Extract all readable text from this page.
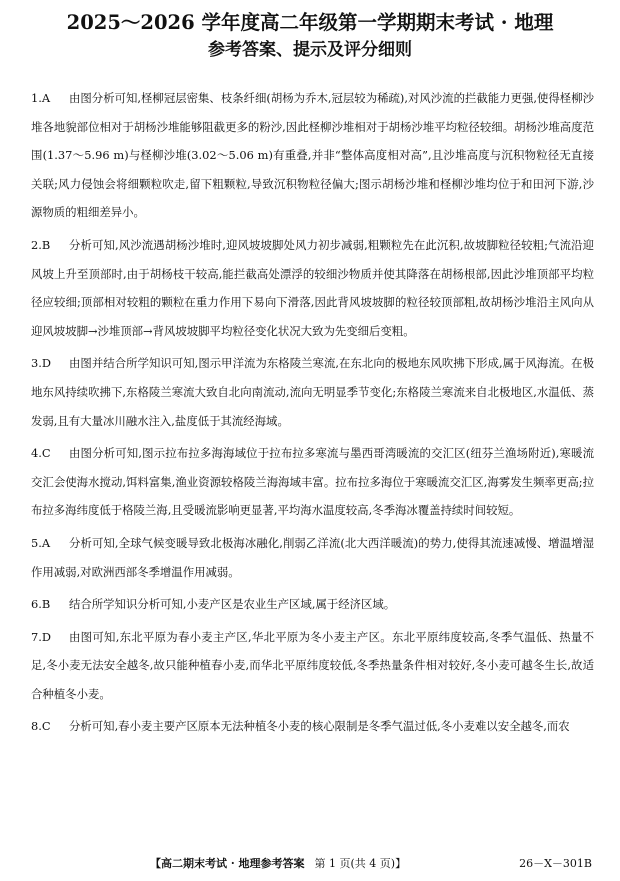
2025～2026 学年度高二年级第一学期期末考试 · 地理
参考答案、提示及评分细则
1.A	由图分析可知,柽柳冠层密集、枝条纤细(胡杨为乔木,冠层较为稀疏),对风沙流的拦截能力更强,使得柽柳沙堆各地貌部位相对于胡杨沙堆能够阻截更多的粉沙,因此柽柳沙堆相对于胡杨沙堆平均粒径较细。胡杨沙堆高度范围(1.37～5.96 m)与柽柳沙堆(3.02～5.06 m)有重叠,并非“整体高度相对高”,且沙堆高度与沉积物粒径无直接关联;风力侵蚀会将细颗粒吹走,留下粗颗粒,导致沉积物粒径偏大;图示胡杨沙堆和柽柳沙堆均位于和田河下游,沙源物质的粗细差异小。
2.B	分析可知,风沙流遇胡杨沙堆时,迎风坡坡脚处风力初步减弱,粗颗粒先在此沉积,故坡脚粒径较粗;气流沿迎风坡上升至顶部时,由于胡杨枝干较高,能拦截高处漂浮的较细沙物质并使其降落在胡杨根部,因此沙堆顶部平均粒径应较细;顶部相对较粗的颗粒在重力作用下易向下滑落,因此背风坡坡脚的粒径较顶部粗,故胡杨沙堆沿主风向从迎风坡坡脚→沙堆顶部→背风坡坡脚平均粒径变化状况大致为先变细后变粗。
3.D	由图并结合所学知识可知,图示甲洋流为东格陵兰寒流,在东北向的极地东风吹拂下形成,属于风海流。在极地东风持续吹拂下,东格陵兰寒流大致自北向南流动,流向无明显季节变化;东格陵兰寒流来自北极地区,水温低、蒸发弱,且有大量冰川融水注入,盐度低于其流经海域。
4.C	由图分析可知,图示拉布拉多海海域位于拉布拉多寒流与墨西哥湾暖流的交汇区(纽芬兰渔场附近),寒暖流交汇会使海水搅动,饵料富集,渔业资源较格陵兰海海域丰富。拉布拉多海位于寒暖流交汇区,海雾发生频率更高;拉布拉多海纬度低于格陵兰海,且受暖流影响更显著,平均海水温度较高,冬季海冰覆盖持续时间较短。
5.A	分析可知,全球气候变暖导致北极海冰融化,削弱乙洋流(北大西洋暖流)的势力,使得其流速减慢、增温增湿作用减弱,对欧洲西部冬季增温作用减弱。
6.B	结合所学知识分析可知,小麦产区是农业生产区域,属于经济区域。
7.D	由图可知,东北平原为春小麦主产区,华北平原为冬小麦主产区。东北平原纬度较高,冬季气温低、热量不足,冬小麦无法安全越冬,故只能种植春小麦,而华北平原纬度较低,冬季热量条件相对较好,冬小麦可越冬生长,故适合种植冬小麦。
8.C	分析可知,春小麦主要产区原本无法种植冬小麦的核心限制是冬季气温过低,冬小麦难以安全越冬,而农
【高二期末考试 · 地理参考答案 第 1 页(共 4 页)】	26－X－301B
